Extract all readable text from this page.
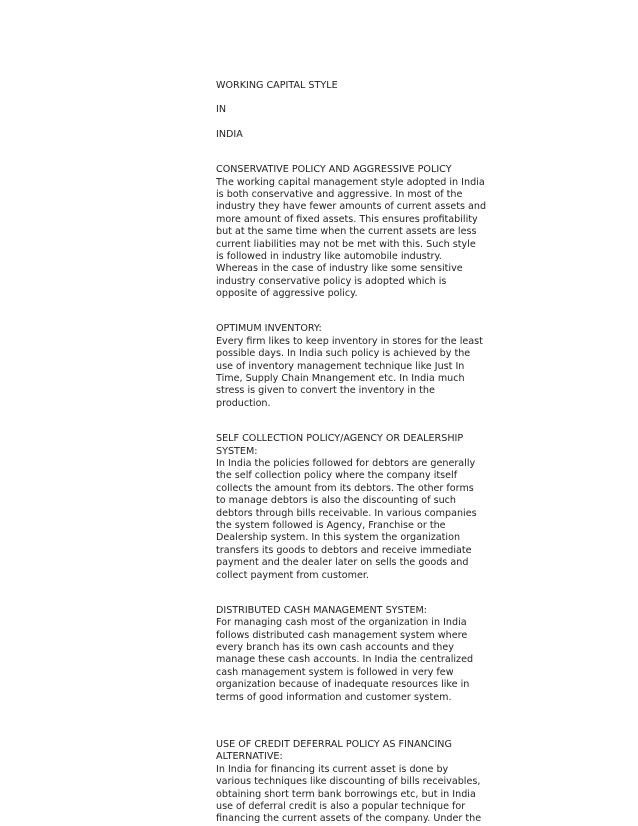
WORKING CAPITAL STYLE
IN
INDIA
CONSERVATIVE POLICY AND AGGRESSIVE POLICY
The working capital management style adopted in India
is both conservative and aggressive. In most of the
industry they have fewer amounts of current assets and
more amount of fixed assets. This ensures profitability
but at the same time when the current assets are less
current liabilities may not be met with this. Such style
is followed in industry like automobile industry.
Whereas in the case of industry like some sensitive
industry conservative policy is adopted which is
opposite of aggressive policy.
OPTIMUM INVENTORY:
Every firm likes to keep inventory in stores for the least
possible days. In India such policy is achieved by the
use of inventory management technique like Just In
Time, Supply Chain Mnangement etc. In India much
stress is given to convert the inventory in the
production.
SELF COLLECTION POLICY/AGENCY OR DEALERSHIP
SYSTEM:
In India the policies followed for debtors are generally
the self collection policy where the company itself
collects the amount from its debtors. The other forms
to manage debtors is also the discounting of such
debtors through bills receivable. In various companies
the system followed is Agency, Franchise or the
Dealership system. In this system the organization
transfers its goods to debtors and receive immediate
payment and the dealer later on sells the goods and
collect payment from customer.
DISTRIBUTED CASH MANAGEMENT SYSTEM:
For managing cash most of the organization in India
follows distributed cash management system where
every branch has its own cash accounts and they
manage these cash accounts. In India the centralized
cash management system is followed in very few
organization because of inadequate resources like in
terms of good information and customer system.
USE OF CREDIT DEFERRAL POLICY AS FINANCING
ALTERNATIVE:
In India for financing its current asset is done by
various techniques like discounting of bills receivables,
obtaining short term bank borrowings etc, but in India
use of deferral credit is also a popular technique for
financing the current assets of the company. Under the
